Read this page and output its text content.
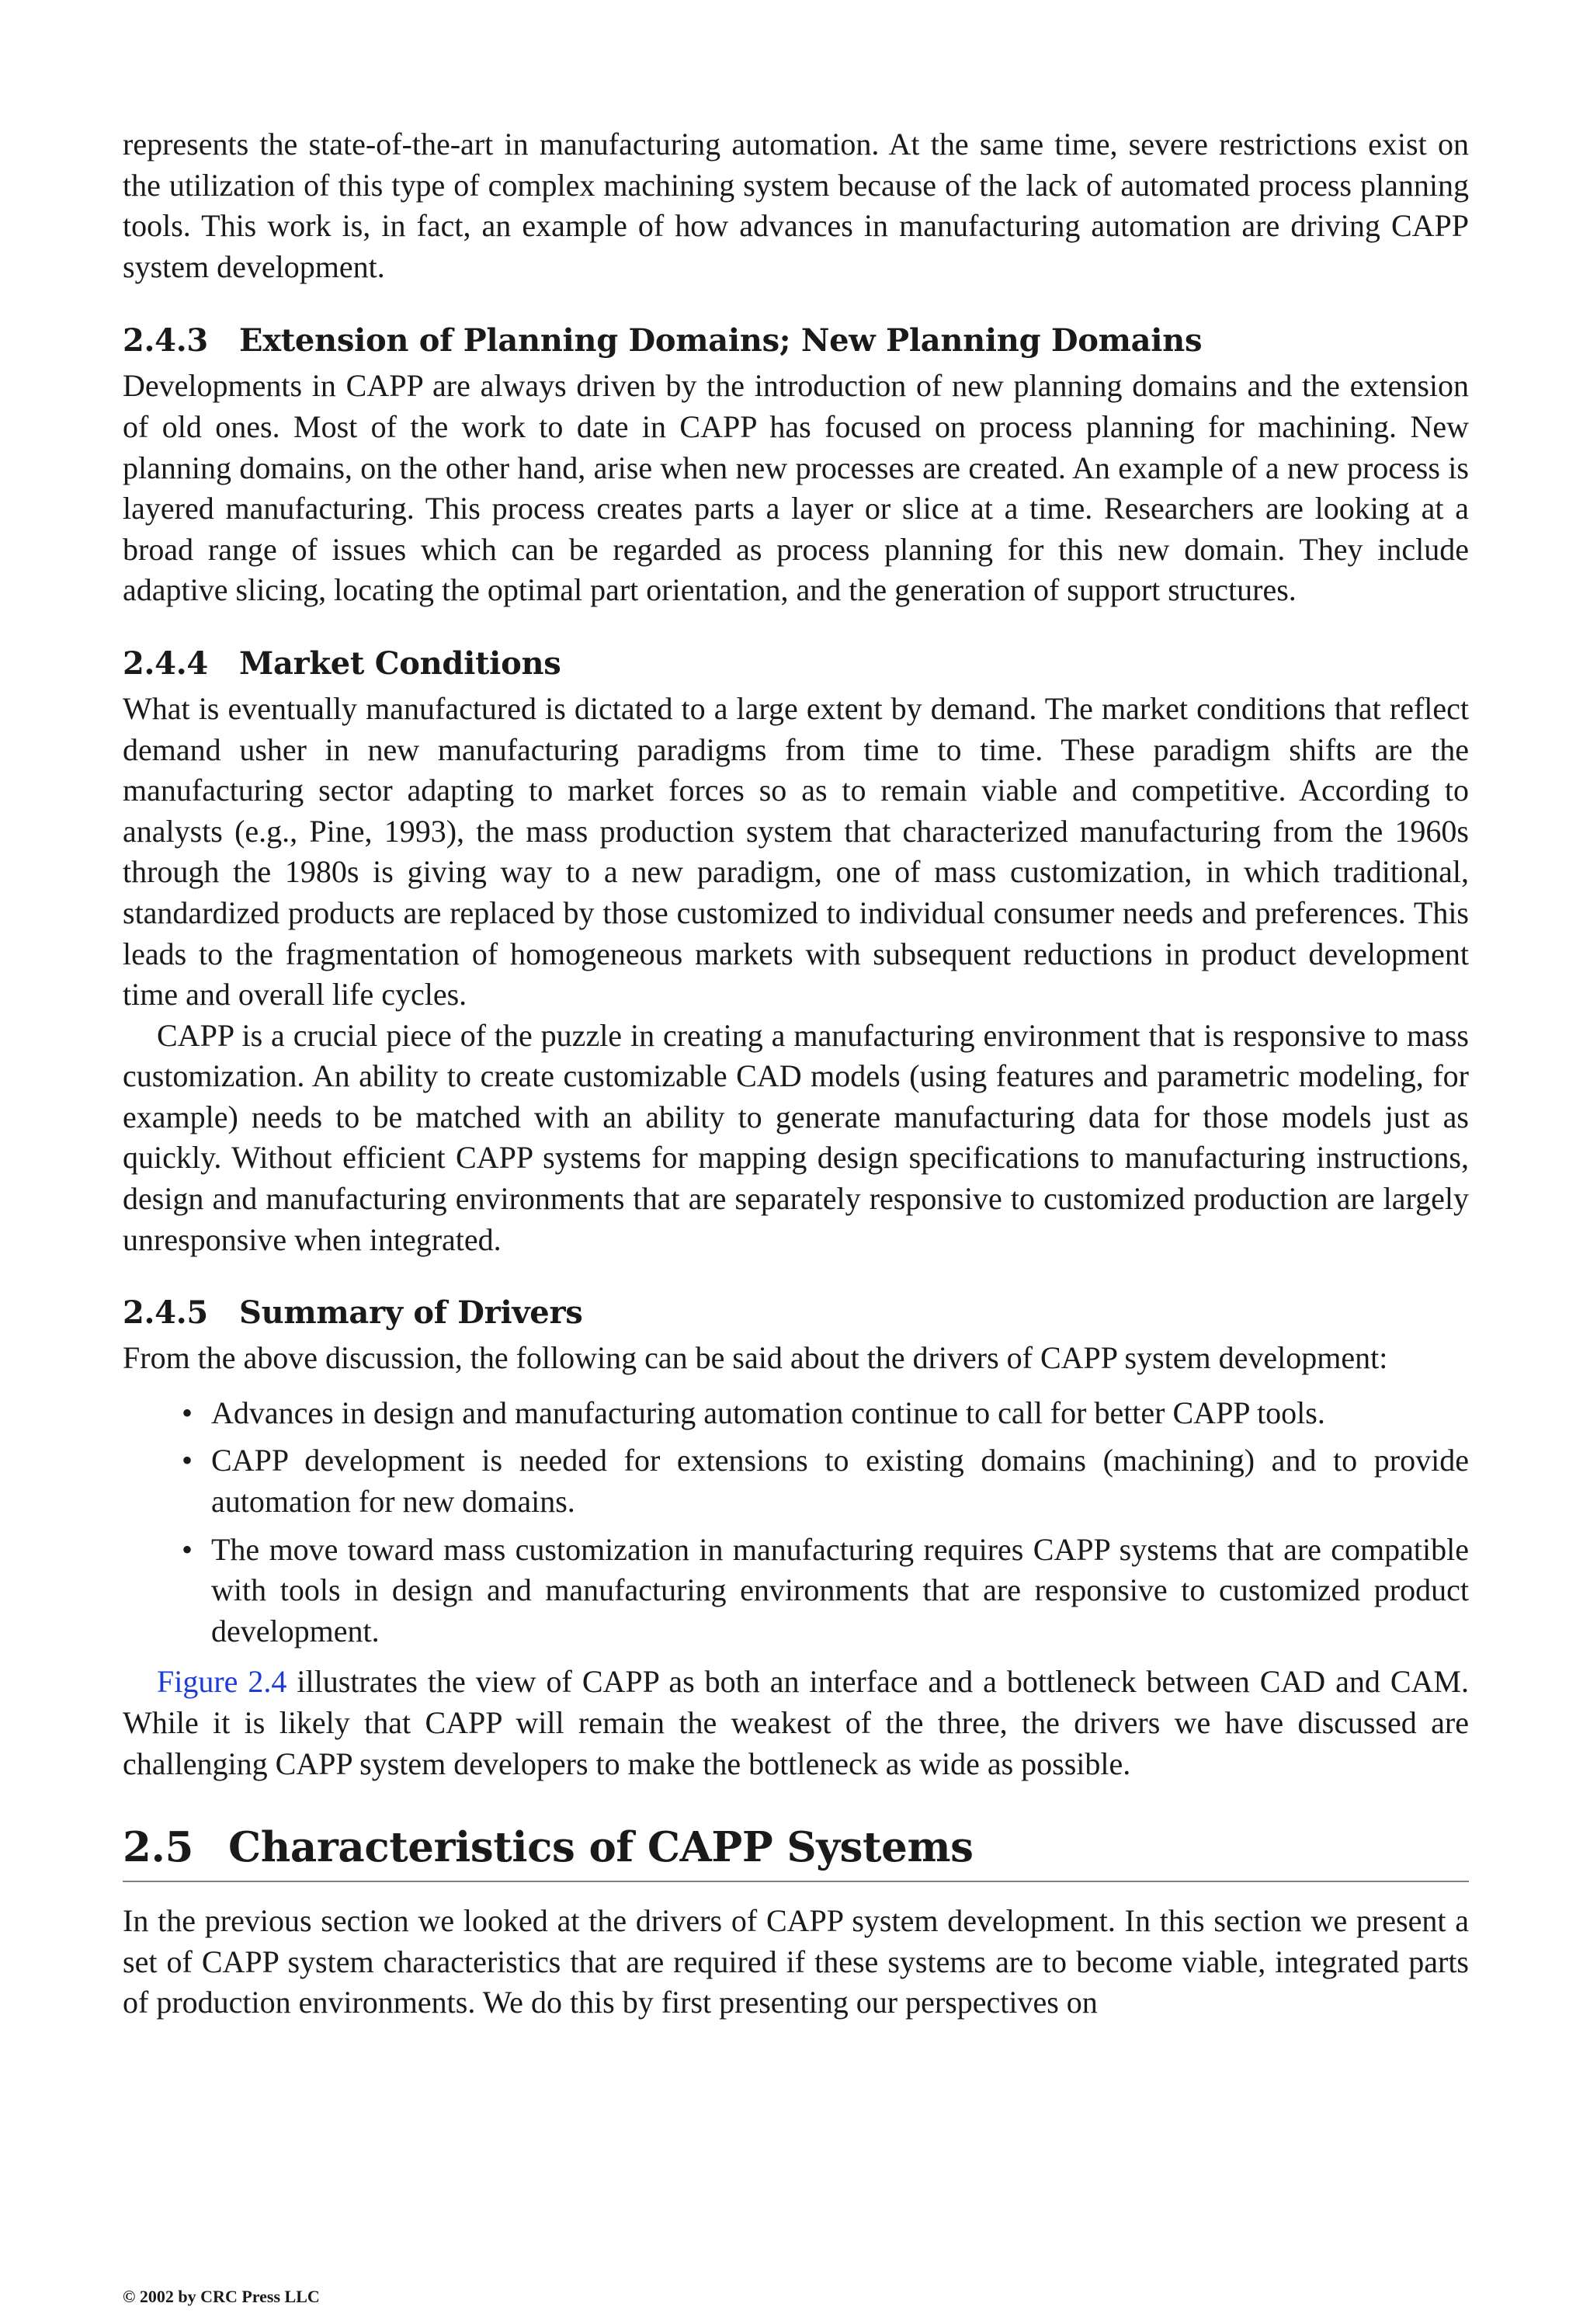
represents the state-of-the-art in manufacturing automation. At the same time, severe restrictions exist on the utilization of this type of complex machining system because of the lack of automated process planning tools. This work is, in fact, an example of how advances in manufacturing automation are driving CAPP system development.

2.4.3 Extension of Planning Domains; New Planning Domains

Developments in CAPP are always driven by the introduction of new planning domains and the extension of old ones. Most of the work to date in CAPP has focused on process planning for machining. New planning domains, on the other hand, arise when new processes are created. An example of a new process is layered manufacturing. This process creates parts a layer or slice at a time. Researchers are looking at a broad range of issues which can be regarded as process planning for this new domain. They include adaptive slicing, locating the optimal part orientation, and the generation of support structures.

2.4.4 Market Conditions

What is eventually manufactured is dictated to a large extent by demand. The market conditions that reflect demand usher in new manufacturing paradigms from time to time. These paradigm shifts are the manufacturing sector adapting to market forces so as to remain viable and competitive. According to analysts (e.g., Pine, 1993), the mass production system that characterized manufacturing from the 1960s through the 1980s is giving way to a new paradigm, one of mass customization, in which traditional, standardized products are replaced by those customized to individual consumer needs and preferences. This leads to the fragmentation of homogeneous markets with subsequent reductions in product development time and overall life cycles.

CAPP is a crucial piece of the puzzle in creating a manufacturing environment that is responsive to mass customization. An ability to create customizable CAD models (using features and parametric modeling, for example) needs to be matched with an ability to generate manufacturing data for those models just as quickly. Without efficient CAPP systems for mapping design specifications to manufacturing instructions, design and manufacturing environments that are separately responsive to customized production are largely unresponsive when integrated.

2.4.5 Summary of Drivers

From the above discussion, the following can be said about the drivers of CAPP system development:

• Advances in design and manufacturing automation continue to call for better CAPP tools.
• CAPP development is needed for extensions to existing domains (machining) and to provide automation for new domains.
• The move toward mass customization in manufacturing requires CAPP systems that are compatible with tools in design and manufacturing environments that are responsive to customized product development.

Figure 2.4 illustrates the view of CAPP as both an interface and a bottleneck between CAD and CAM. While it is likely that CAPP will remain the weakest of the three, the drivers we have discussed are challenging CAPP system developers to make the bottleneck as wide as possible.

2.5 Characteristics of CAPP Systems

In the previous section we looked at the drivers of CAPP system development. In this section we present a set of CAPP system characteristics that are required if these systems are to become viable, integrated parts of production environments. We do this by first presenting our perspectives on

© 2002 by CRC Press LLC
